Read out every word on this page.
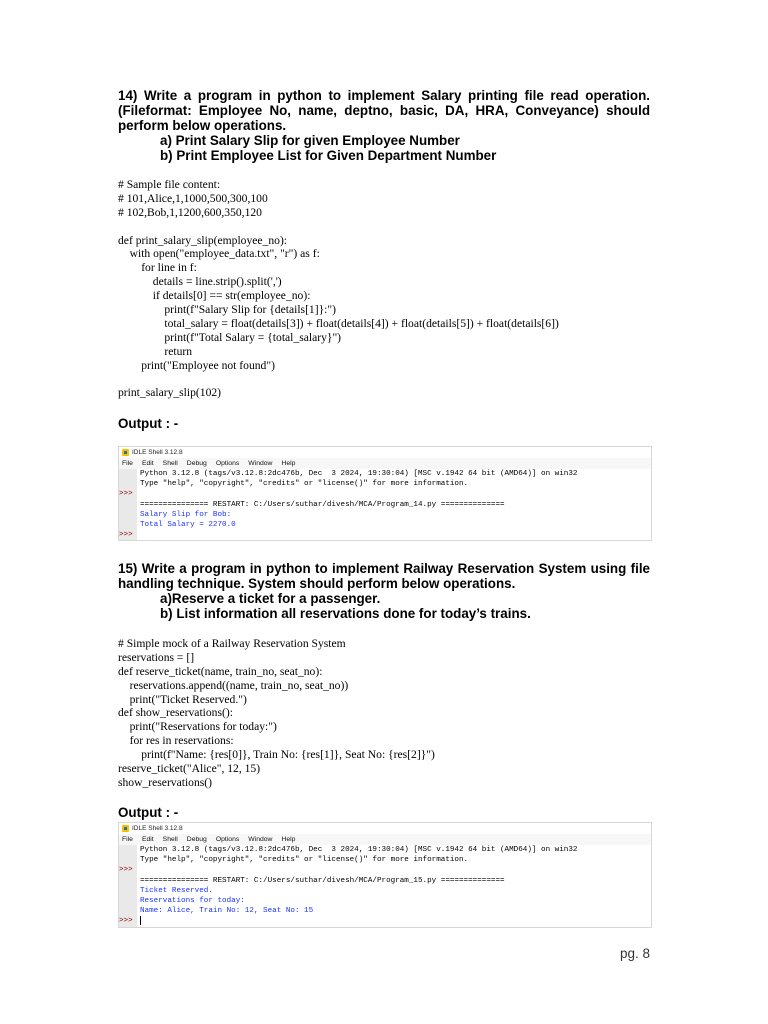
14) Write a program in python to implement Salary printing file read operation. (Fileformat: Employee No, name, deptno, basic, DA, HRA, Conveyance) should perform below operations.
a) Print Salary Slip for given Employee Number
b) Print Employee List for Given Department Number
# Sample file content:
# 101,Alice,1,1000,500,300,100
# 102,Bob,1,1200,600,350,120
def print_salary_slip(employee_no):
with open("employee_data.txt", "r") as f:
for line in f:
details = line.strip().split(',')
if details[0] == str(employee_no):
print(f"Salary Slip for {details[1]}:")
total_salary = float(details[3]) + float(details[4]) + float(details[5]) + float(details[6])
print(f"Total Salary = {total_salary}")
return
print("Employee not found")
print_salary_slip(102)
Output : -
IDLE Shell 3.12.8
File Edit Shell Debug Options Window Help
>>>
>>>
Python 3.12.8 (tags/v3.12.8:2dc476b, Dec  3 2024, 19:30:04) [MSC v.1942 64 bit (AMD64)] on win32
Type "help", "copyright", "credits" or "license()" for more information.
=============== RESTART: C:/Users/suthar/divesh/MCA/Program_14.py ==============
Salary Slip for Bob:
Total Salary = 2270.0
15) Write a program in python to implement Railway Reservation System using file handling technique. System should perform below operations.
a)Reserve a ticket for a passenger.
b) List information all reservations done for today’s trains.
# Simple mock of a Railway Reservation System
reservations = []
def reserve_ticket(name, train_no, seat_no):
reservations.append((name, train_no, seat_no))
print("Ticket Reserved.")
def show_reservations():
print("Reservations for today:")
for res in reservations:
print(f"Name: {res[0]}, Train No: {res[1]}, Seat No: {res[2]}")
reserve_ticket("Alice", 12, 15)
show_reservations()
Output : -
IDLE Shell 3.12.8
File Edit Shell Debug Options Window Help
>>>
>>>
Python 3.12.8 (tags/v3.12.8:2dc476b, Dec  3 2024, 19:30:04) [MSC v.1942 64 bit (AMD64)] on win32
Type "help", "copyright", "credits" or "license()" for more information.
=============== RESTART: C:/Users/suthar/divesh/MCA/Program_15.py ==============
Ticket Reserved.
Reservations for today:
Name: Alice, Train No: 12, Seat No: 15
pg. 8
